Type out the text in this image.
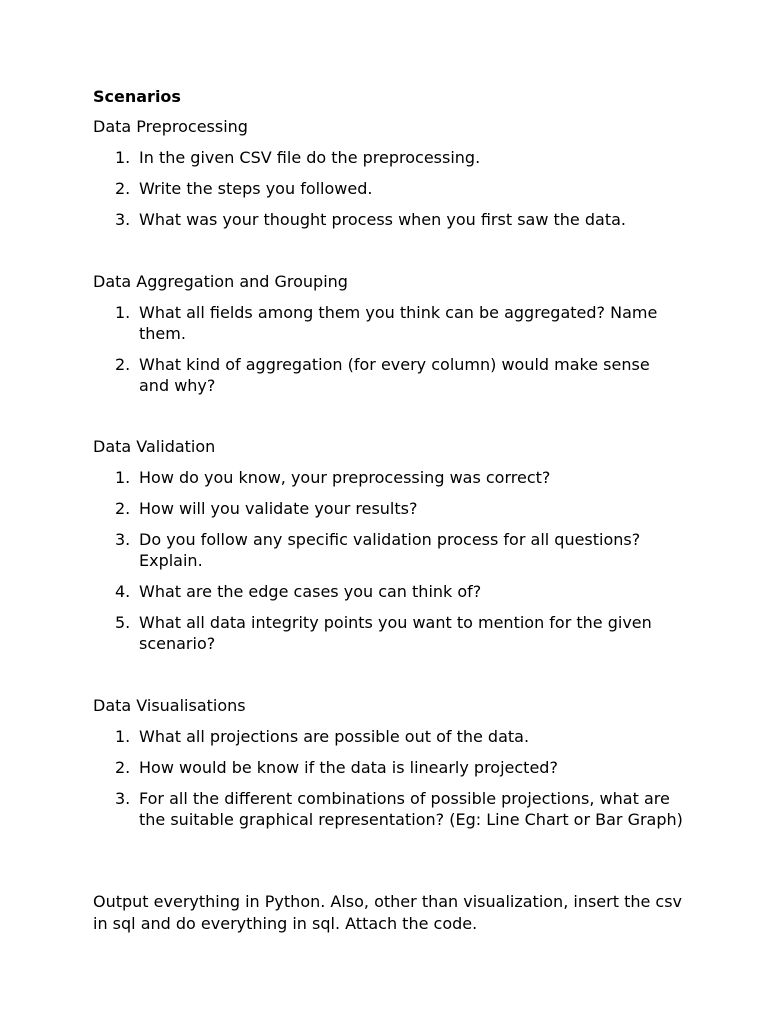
Scenarios
Data Preprocessing
1. In the given CSV file do the preprocessing.
2. Write the steps you followed.
3. What was your thought process when you first saw the data.
Data Aggregation and Grouping
1. What all fields among them you think can be aggregated? Name them.
2. What kind of aggregation (for every column) would make sense and why?
Data Validation
1. How do you know, your preprocessing was correct?
2. How will you validate your results?
3. Do you follow any specific validation process for all questions? Explain.
4. What are the edge cases you can think of?
5. What all data integrity points you want to mention for the given scenario?
Data Visualisations
1. What all projections are possible out of the data.
2. How would be know if the data is linearly projected?
3. For all the different combinations of possible projections, what are the suitable graphical representation? (Eg: Line Chart or Bar Graph)
Output everything in Python. Also, other than visualization, insert the csv in sql and do everything in sql. Attach the code.
